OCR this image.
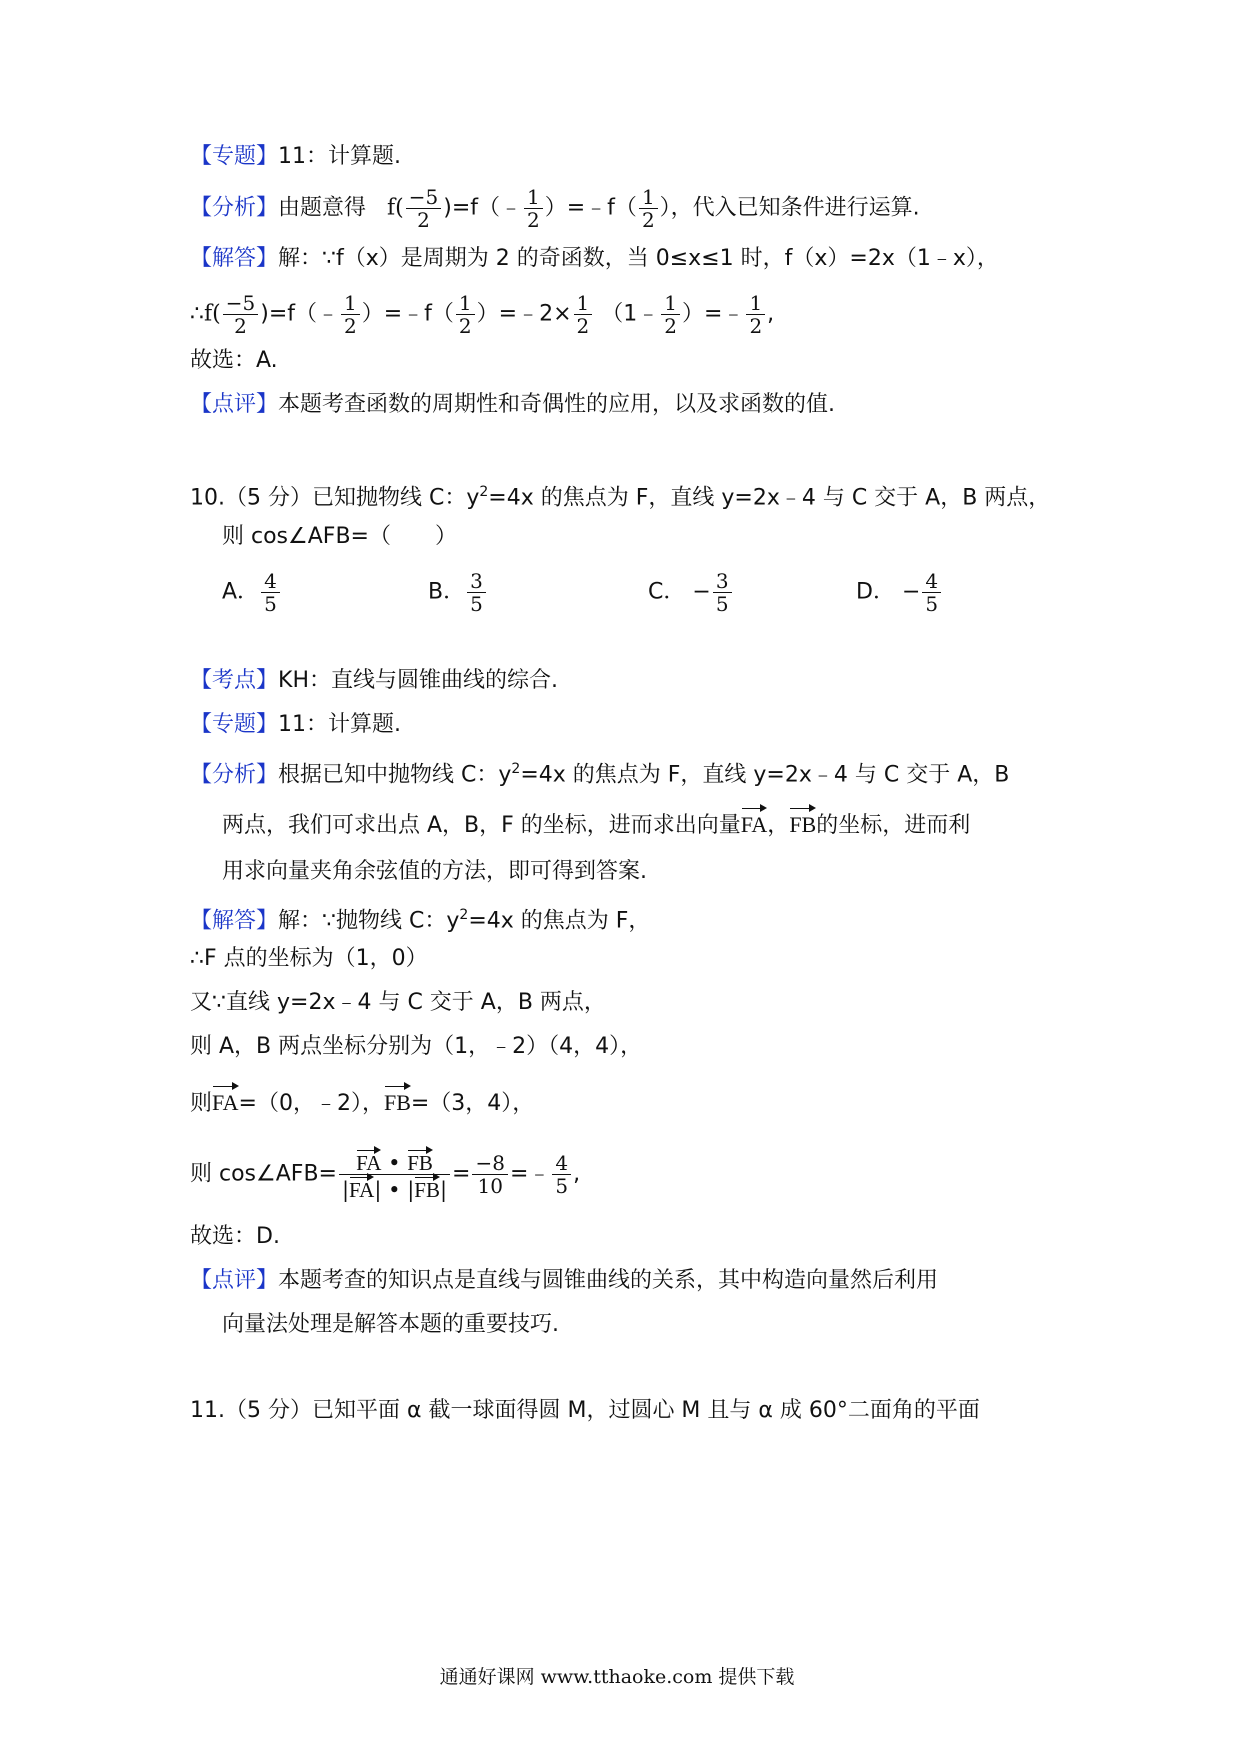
【专题】11：计算题.
【分析】由题意得 $f( \frac{-5}{2}$ )=f（﹣ $\frac{1}{2}$ ）=﹣f（ $\frac{1}{2}$ ），代入已知条件进行运算.
【解答】解：∵f（x）是周期为 2 的奇函数，当 0≤x≤1 时，f（x）=2x（1﹣x），
∴f( $\frac{-5}{2}$ )=f（﹣ $\frac{1}{2}$ ）=﹣f（ $\frac{1}{2}$ ）=﹣2× $\frac{1}{2}$ （1﹣ $\frac{1}{2}$ ）=﹣ $\frac{1}{2}$ ,
故选：A.
【点评】本题考查函数的周期性和奇偶性的应用，以及求函数的值.
10.（5 分）已知抛物线 C：$y^2=4x$ 的焦点为 F，直线 y=2x﹣4 与 C 交于 A，B 两点，
则 cos∠AFB=（　　）
A． $\frac{4}{5}$	B． $\frac{3}{5}$	C． − $\frac{3}{5}$	D． − $\frac{4}{5}$
【考点】KH：直线与圆锥曲线的综合.
【专题】11：计算题.
【分析】根据已知中抛物线 C：$y^2=4x$ 的焦点为 F，直线 y=2x﹣4 与 C 交于 A，B
两点，我们可求出点 A，B，F 的坐标，进而求出向量FA，FB的坐标，进而利
用求向量夹角余弦值的方法，即可得到答案.
【解答】解：∵抛物线 C：$y^2=4x$ 的焦点为 F，
∴F 点的坐标为（1，0）
又∵直线 y=2x﹣4 与 C 交于 A，B 两点，
则 A，B 两点坐标分别为（1，﹣2）（4，4），
则FA=（0，﹣2），FB=（3，4），
则 cos∠AFB= $\frac{FA • FB}{|FA| • |FB|} = \frac{-8}{10}$ =﹣ $\frac{4}{5}$ ,
故选：D.
【点评】本题考查的知识点是直线与圆锥曲线的关系，其中构造向量然后利用
向量法处理是解答本题的重要技巧.
11.（5 分）已知平面 α 截一球面得圆 M，过圆心 M 且与 α 成 60°二面角的平面
通通好课网 www.tthaoke.com 提供下载
